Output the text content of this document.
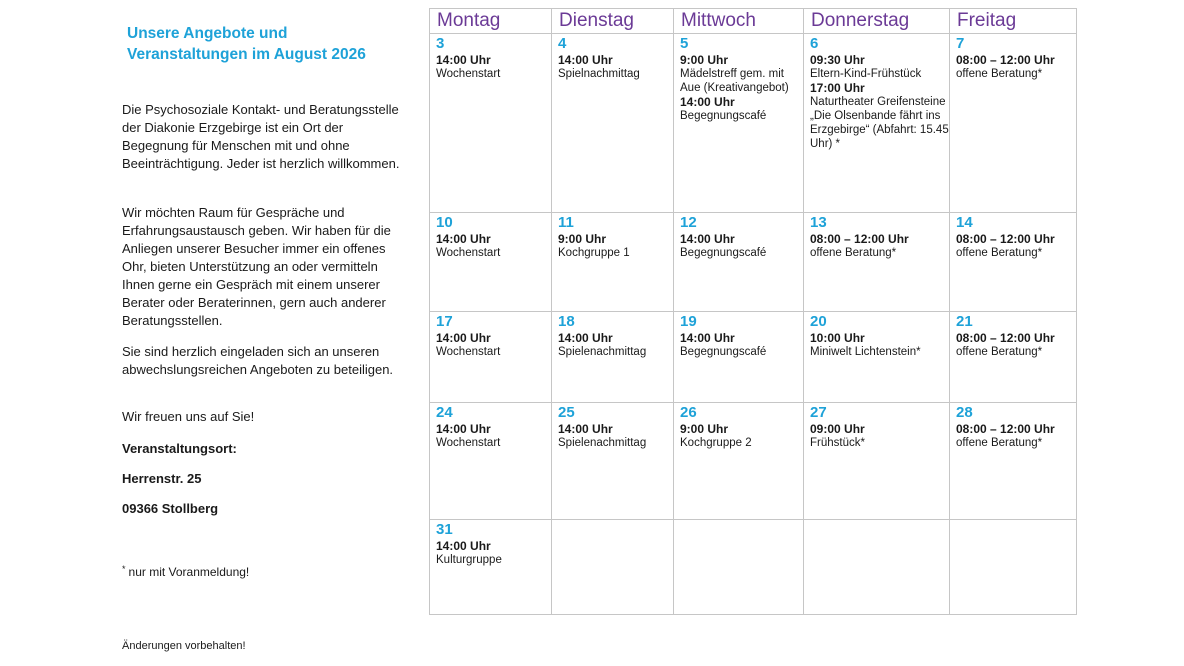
Unsere Angebote und
Veranstaltungen im August 2026

Die Psychosoziale Kontakt- und Beratungsstelle der Diakonie Erzgebirge ist ein Ort der Begegnung für Menschen mit und ohne Beeinträchtigung. Jeder ist herzlich willkommen.

Wir möchten Raum für Gespräche und Erfahrungsaustausch geben. Wir haben für die Anliegen unserer Besucher immer ein offenes Ohr, bieten Unterstützung an oder vermitteln Ihnen gerne ein Gespräch mit einem unserer Berater oder Beraterinnen, gern auch anderer Beratungsstellen.

Sie sind herzlich eingeladen sich an unseren abwechslungsreichen Angeboten zu beteiligen.

Wir freuen uns auf Sie!

Veranstaltungsort:

Herrenstr. 25

09366 Stollberg

* nur mit Voranmeldung!
Änderungen vorbehalten!
Montag	Dienstag	Mittwoch	Donnerstag	Freitag

3
14:00 Uhr
Wochenstart	4
14:00 Uhr
Spielnachmittag	5
9:00 Uhr
Mädelstreff gem. mit Aue (Kreativangebot)
14:00 Uhr
Begegnungscafé	6
09:30 Uhr
Eltern-Kind-Frühstück
17:00 Uhr
Naturtheater Greifensteine „Die Olsenbande fährt ins Erzgebirge“ (Abfahrt: 15.45 Uhr) *	7
08:00 – 12:00 Uhr
offene Beratung*

10
14:00 Uhr
Wochenstart	11
9:00 Uhr
Kochgruppe 1	12
14:00 Uhr
Begegnungscafé	13
08:00 – 12:00 Uhr
offene Beratung*	14
08:00 – 12:00 Uhr
offene Beratung*

17
14:00 Uhr
Wochenstart	18
14:00 Uhr
Spielenachmittag	19
14:00 Uhr
Begegnungscafé	20
10:00 Uhr
Miniwelt Lichtenstein*	21
08:00 – 12:00 Uhr
offene Beratung*

24
14:00 Uhr
Wochenstart	25
14:00 Uhr
Spielenachmittag	26
9:00 Uhr
Kochgruppe 2	27
09:00 Uhr
Frühstück*	28
08:00 – 12:00 Uhr
offene Beratung*

31
14:00 Uhr
Kulturgruppe				
